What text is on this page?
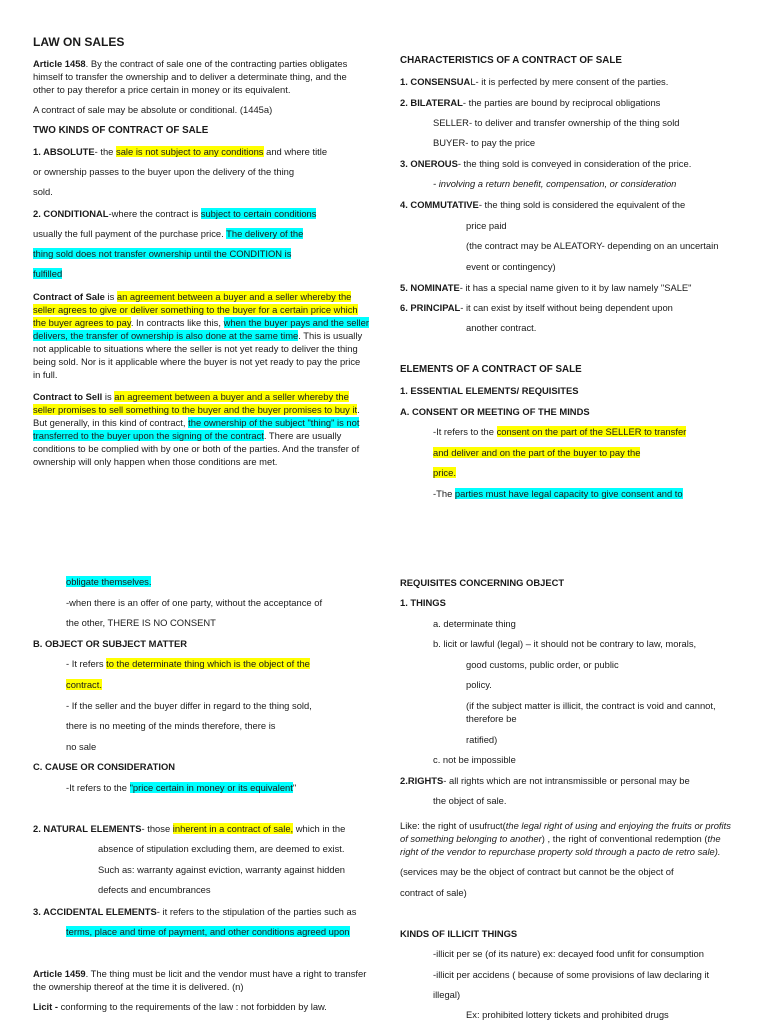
LAW ON SALES
Article 1458. By the contract of sale one of the contracting parties obligates himself to transfer the ownership and to deliver a determinate thing, and the other to pay therefor a price certain in money or its equivalent.
A contract of sale may be absolute or conditional. (1445a)
TWO KINDS OF CONTRACT OF SALE
1. ABSOLUTE- the sale is not subject to any conditions and where title
or ownership passes to the buyer upon the delivery of the thing
sold.
2. CONDITIONAL-where the contract is subject to certain conditions
usually the full payment of the purchase price. The delivery of the
thing sold does not transfer ownership until the CONDITION is
fulfilled
Contract of Sale is an agreement between a buyer and a seller whereby the seller agrees to give or deliver something to the buyer for a certain price which the buyer agrees to pay. In contracts like this, when the buyer pays and the seller delivers, the transfer of ownership is also done at the same time. This is usually not applicable to situations where the seller is not yet ready to deliver the thing being sold. Nor is it applicable where the buyer is not yet ready to pay the price in full.
Contract to Sell is an agreement between a buyer and a seller whereby the seller promises to sell something to the buyer and the buyer promises to buy it. But generally, in this kind of contract, the ownership of the subject "thing" is not transferred to the buyer upon the signing of the contract. There are usually conditions to be complied with by one or both of the parties. And the transfer of ownership will only happen when those conditions are met.
CHARACTERISTICS OF A CONTRACT OF SALE
1. CONSENSUAL- it is perfected by mere consent of the parties.
2. BILATERAL- the parties are bound by reciprocal obligations
SELLER- to deliver and transfer ownership of the thing sold
BUYER- to pay the price
3. ONEROUS- the thing sold is conveyed in consideration of the price.
- involving a return benefit, compensation, or consideration
4. COMMUTATIVE- the thing sold is considered the equivalent of the
price paid
(the contract may be ALEATORY- depending on an uncertain
event or contingency)
5. NOMINATE- it has a special name given to it by law namely "SALE"
6. PRINCIPAL- it can exist by itself without being dependent upon
another contract.
ELEMENTS OF A CONTRACT OF SALE
1. ESSENTIAL ELEMENTS/ REQUISITES
A. CONSENT OR MEETING OF THE MINDS
-It refers to the consent on the part of the SELLER to transfer
and deliver and on the part of the buyer to pay the
price.
-The parties must have legal capacity to give consent and to
obligate themselves.
-when there is an offer of one party, without the acceptance of
the other, THERE IS NO CONSENT
B. OBJECT OR SUBJECT MATTER
- It refers to the determinate thing which is the object of the
contract.
- If the seller and the buyer differ in regard to the thing sold,
there is no meeting of the minds therefore, there is
no sale
C. CAUSE OR CONSIDERATION
-It refers to the "price certain in money or its equivalent"
2. NATURAL ELEMENTS- those inherent in a contract of sale, which in the
absence of stipulation excluding them, are deemed to exist.
Such as: warranty against eviction, warranty against hidden
defects and encumbrances
3. ACCIDENTAL ELEMENTS- it refers to the stipulation of the parties such as
terms, place and time of payment, and other conditions agreed upon
Article 1459. The thing must be licit and the vendor must have a right to transfer the ownership thereof at the time it is delivered. (n)
Licit - conforming to the requirements of the law : not forbidden by law.
REQUISITES CONCERNING OBJECT
1. THINGS
a. determinate thing
b. licit or lawful (legal) – it should not be contrary to law, morals,
good customs, public order, or public
policy.
(if the subject matter is illicit, the contract is void and cannot,
therefore be
ratified)
c. not be impossible
2.RIGHTS- all rights which are not intransmissible or personal may be
the object of sale.
Like: the right of usufruct(the legal right of using and enjoying the fruits or profits of something belonging to another) , the right of conventional redemption (the right of the vendor to repurchase property sold through a pacto de retro sale).
(services may be the object of contract but cannot be the object of
contract of sale)
KINDS OF ILLICIT THINGS
-illicit per se (of its nature) ex: decayed food unfit for consumption
-illicit per accidens ( because of some provisions of law declaring it
illegal)
Ex: prohibited lottery tickets and prohibited drugs
